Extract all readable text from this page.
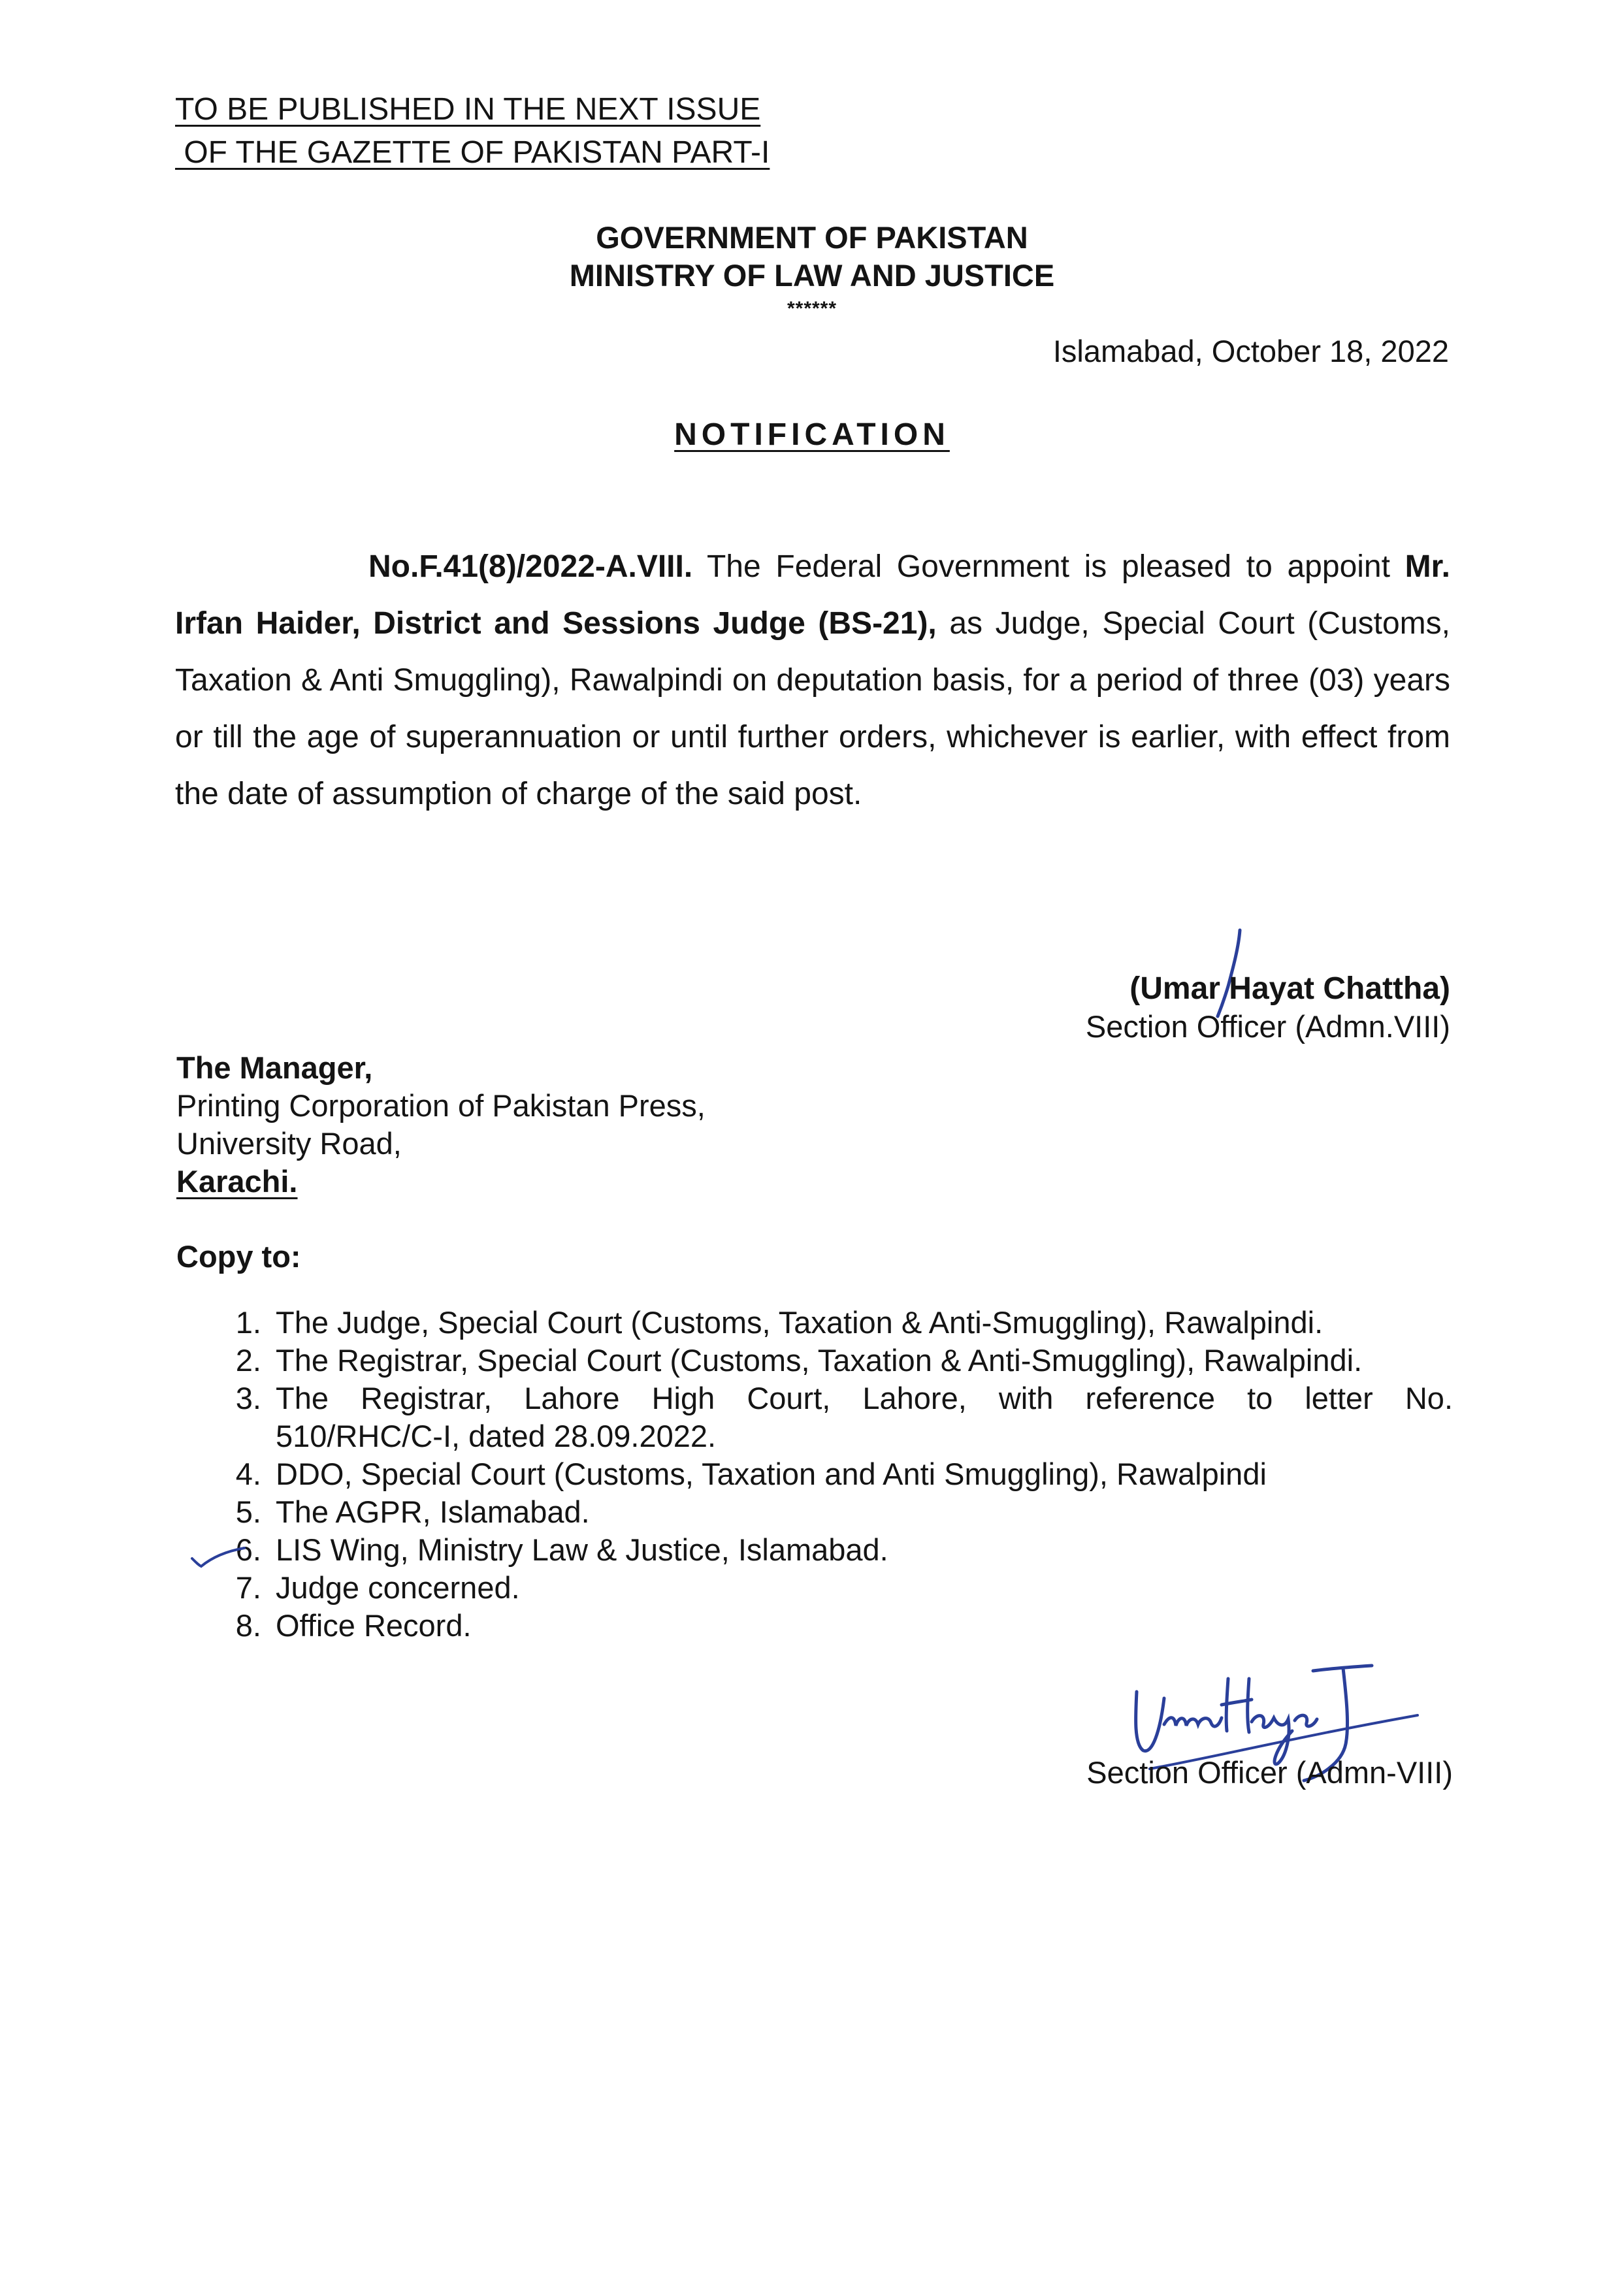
TO BE PUBLISHED IN THE NEXT ISSUE
OF THE GAZETTE OF PAKISTAN PART-I
GOVERNMENT OF PAKISTAN
MINISTRY OF LAW AND JUSTICE
******
Islamabad, October 18, 2022
NOTIFICATION
No.F.41(8)/2022-A.VIII. The Federal Government is pleased to appoint Mr. Irfan Haider, District and Sessions Judge (BS-21), as Judge, Special Court (Customs, Taxation & Anti Smuggling), Rawalpindi on deputation basis, for a period of three (03) years or till the age of superannuation or until further orders, whichever is earlier, with effect from the date of assumption of charge of the said post.
(Umar Hayat Chattha)
Section Officer (Admn.VIII)
The Manager,
Printing Corporation of Pakistan Press,
University Road,
Karachi.
Copy to:
1. The Judge, Special Court (Customs, Taxation & Anti-Smuggling), Rawalpindi.
2. The Registrar, Special Court (Customs, Taxation & Anti-Smuggling), Rawalpindi.
3. The Registrar, Lahore High Court, Lahore, with reference to letter No.
510/RHC/C-I, dated 28.09.2022.
4. DDO, Special Court (Customs, Taxation and Anti Smuggling), Rawalpindi
5. The AGPR, Islamabad.
6. LIS Wing, Ministry Law & Justice, Islamabad.
7. Judge concerned.
8. Office Record.
Section Officer (Admn-VIII)
